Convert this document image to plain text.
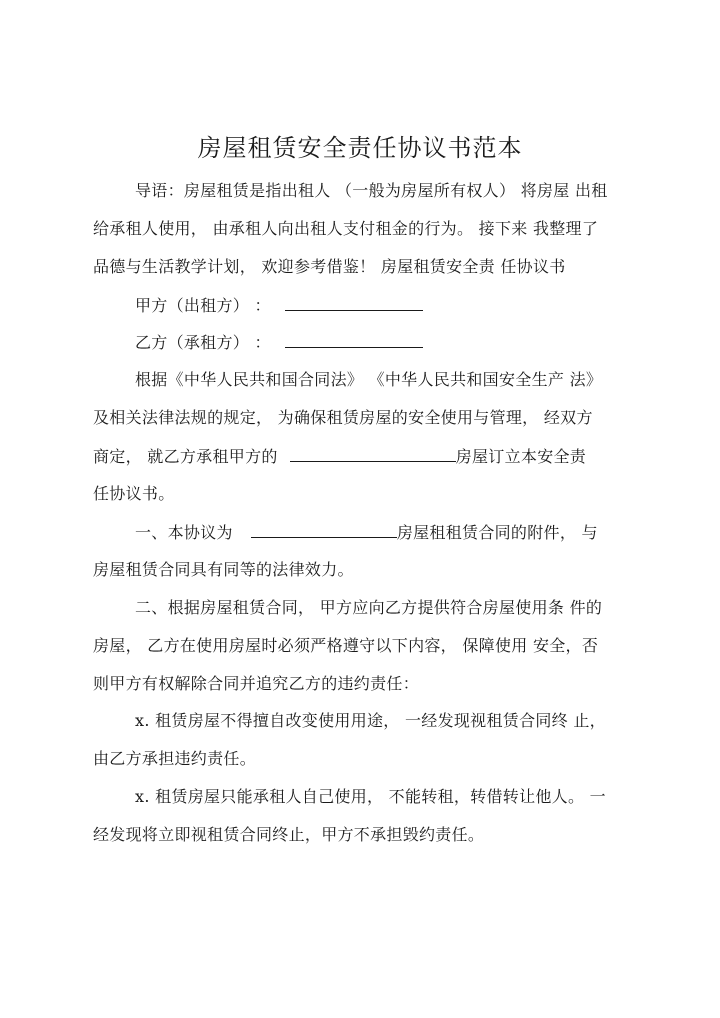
房屋租赁安全责任协议书范本
导语：房屋租赁是指出租人 （一般为房屋所有权人） 将房屋 出租
给承租人使用， 由承租人向出租人支付租金的行为。 接下来 我整理了
品德与生活教学计划， 欢迎参考借鉴！ 房屋租赁安全责 任协议书
甲方（出租方） ：
乙方（承租方） ：
根据《中华人民共和国合同法》 《中华人民共和国安全生产 法》
及相关法律法规的规定， 为确保租赁房屋的安全使用与管理， 经双方
商定， 就乙方承租甲方的	房屋订立本安全责
任协议书。
一、本协议为	房屋租租赁合同的附件， 与
房屋租赁合同具有同等的法律效力。
二、根据房屋租赁合同， 甲方应向乙方提供符合房屋使用条 件的
房屋， 乙方在使用房屋时必须严格遵守以下内容， 保障使用 安全，否
则甲方有权解除合同并追究乙方的违约责任：
x. 租赁房屋不得擅自改变使用用途， 一经发现视租赁合同终 止，
由乙方承担违约责任。
x. 租赁房屋只能承租人自己使用， 不能转租，转借转让他人。 一
经发现将立即视租赁合同终止，甲方不承担毁约责任。
